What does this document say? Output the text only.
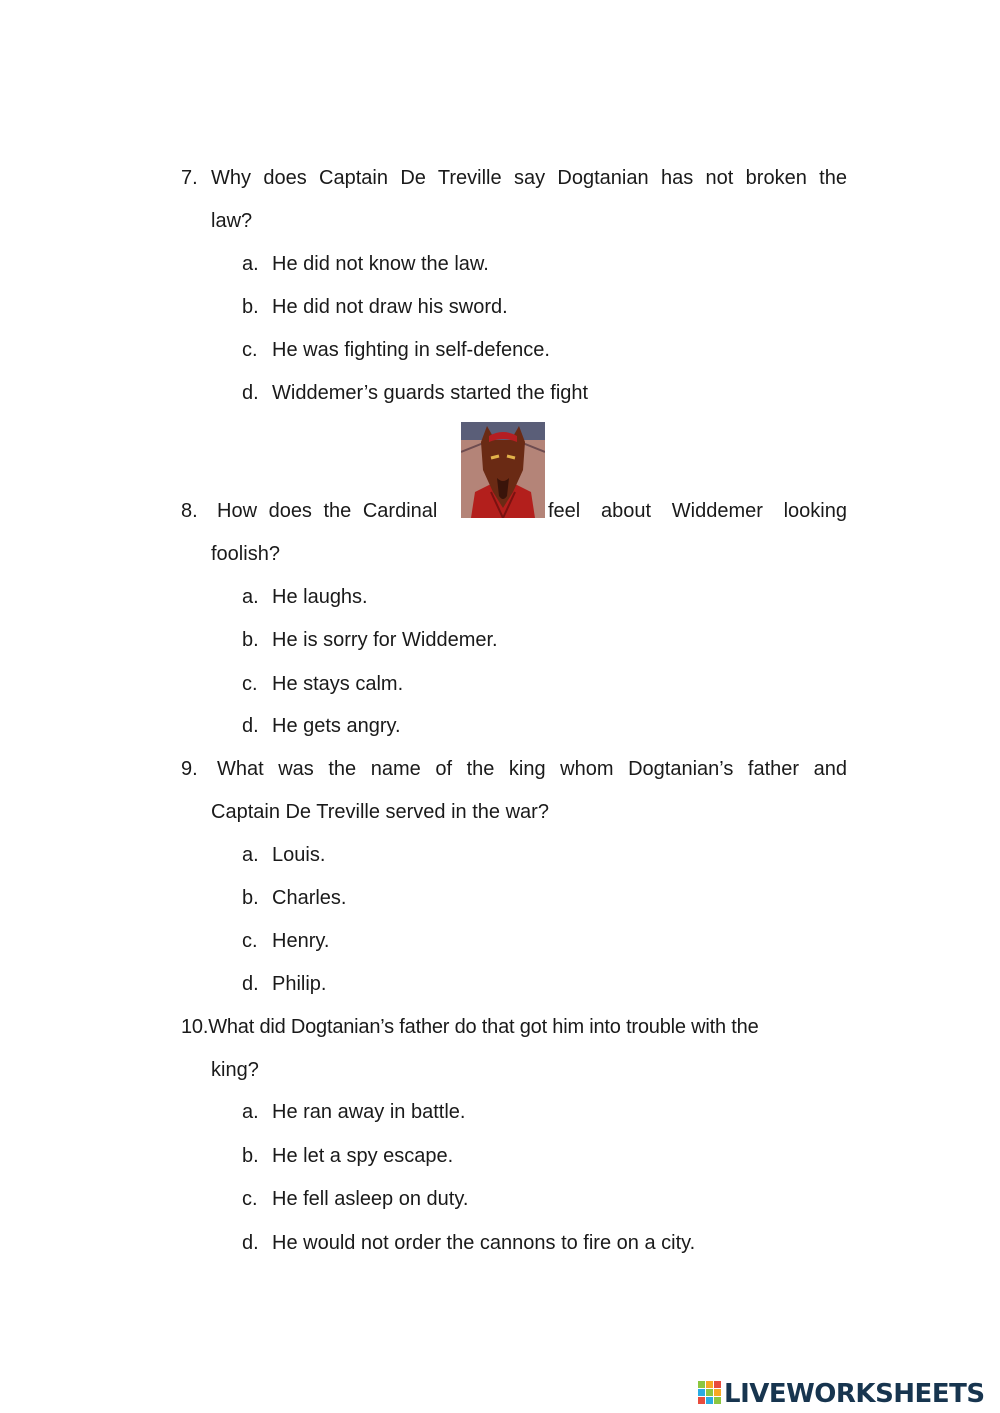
7. Why does Captain De Treville say Dogtanian has not broken the
law?
a. He did not know the law.
b. He did not draw his sword.
c. He was fighting in self-defence.
d. Widdemer’s guards started the fight
8. How does the Cardinal
foolish?
feel about Widdemer looking
a. He laughs.
b. He is sorry for Widdemer.
c. He stays calm.
d. He gets angry.
9. What was the name of the king whom Dogtanian’s father and
Captain De Treville served in the war?
a. Louis.
b. Charles.
c. Henry.
d. Philip.
10.What did Dogtanian’s father do that got him into trouble with the
king?
a. He ran away in battle.
b. He let a spy escape.
c. He fell asleep on duty.
d. He would not order the cannons to fire on a city.
LIVEWORKSHEETS
